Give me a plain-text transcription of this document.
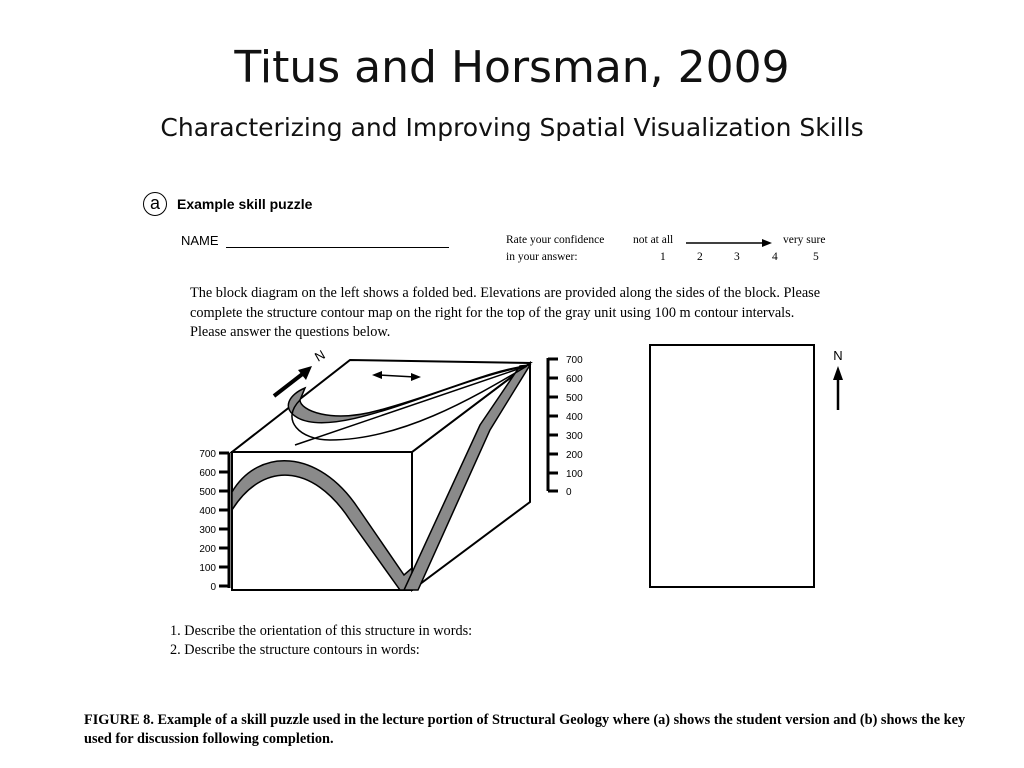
Titus and Horsman, 2009
Characterizing and Improving Spatial Visualization Skills
a	Example skill puzzle
NAME	Rate your confidence
in your answer:
not at all	very sure
1	2	3	4	5
The block diagram on the left shows a folded bed. Elevations are provided along the sides of the block. Please complete the structure contour map on the right for the top of the gray unit using 100 m contour intervals. Please answer the questions below.
N
700
600
500
400
300
200
100
0
700
600
500
400
300
200
100
0
N
1. Describe the orientation of this structure in words:
2. Describe the structure contours in words:
FIGURE 8. Example of a skill puzzle used in the lecture portion of Structural Geology where (a) shows the student version and (b) shows the key used for discussion following completion.
